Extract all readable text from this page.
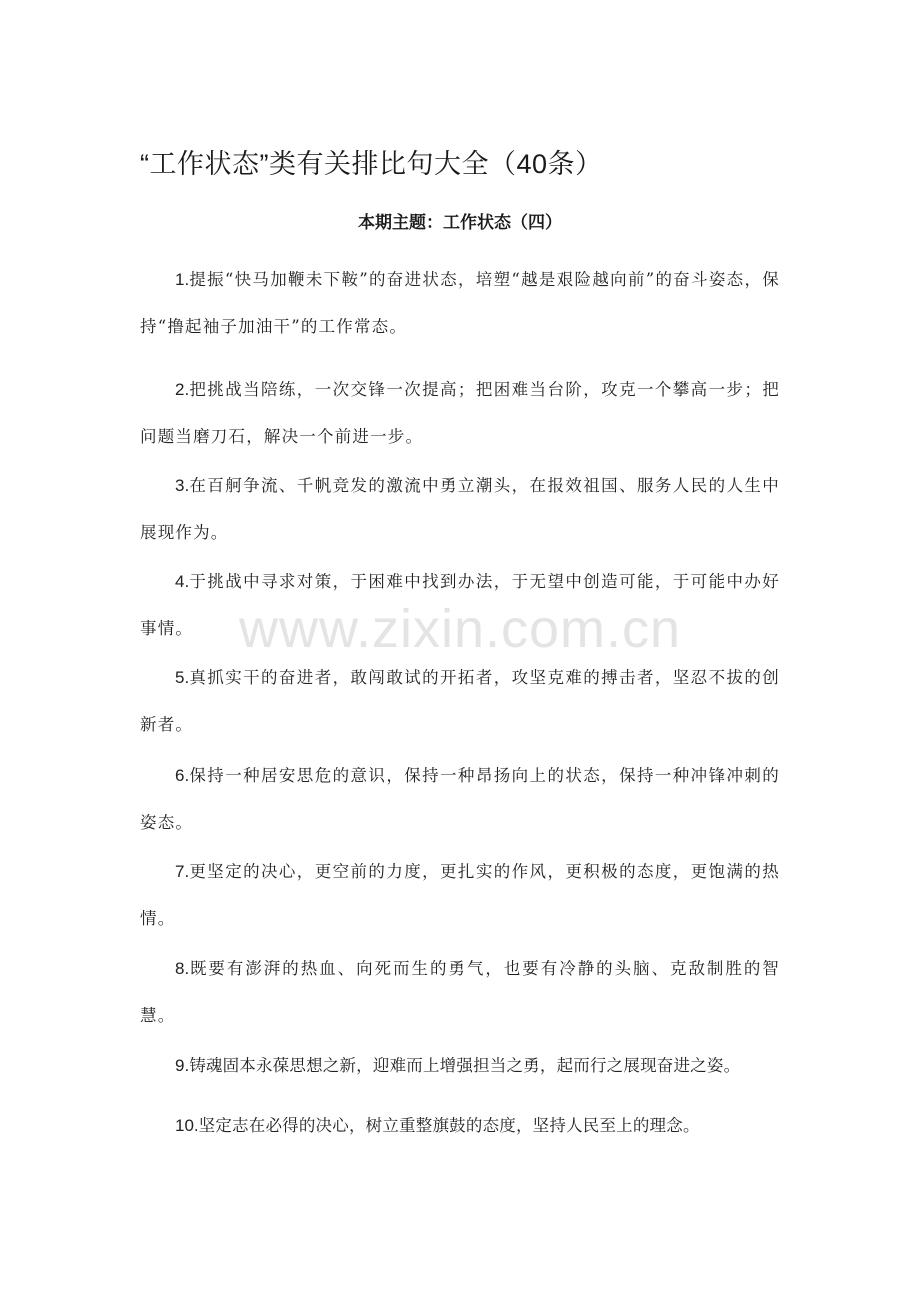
“工作状态”类有关排比句大全（40条）
本期主题：工作状态（四）
www.zixin.com.cn

1.提振“快马加鞭未下鞍”的奋进状态，培塑“越是艰险越向前”的奋斗姿态，保持“撸起袖子加油干”的工作常态。

2.把挑战当陪练，一次交锋一次提高；把困难当台阶，攻克一个攀高一步；把问题当磨刀石，解决一个前进一步。

3.在百舸争流、千帆竞发的激流中勇立潮头，在报效祖国、服务人民的人生中展现作为。

4.于挑战中寻求对策，于困难中找到办法，于无望中创造可能，于可能中办好事情。

5.真抓实干的奋进者，敢闯敢试的开拓者，攻坚克难的搏击者，坚忍不拔的创新者。

6.保持一种居安思危的意识，保持一种昂扬向上的状态，保持一种冲锋冲刺的姿态。

7.更坚定的决心，更空前的力度，更扎实的作风，更积极的态度，更饱满的热情。

8.既要有澎湃的热血、向死而生的勇气，也要有冷静的头脑、克敌制胜的智慧。

9.铸魂固本永葆思想之新，迎难而上增强担当之勇，起而行之展现奋进之姿。

10.坚定志在必得的决心，树立重整旗鼓的态度，坚持人民至上的理念。
